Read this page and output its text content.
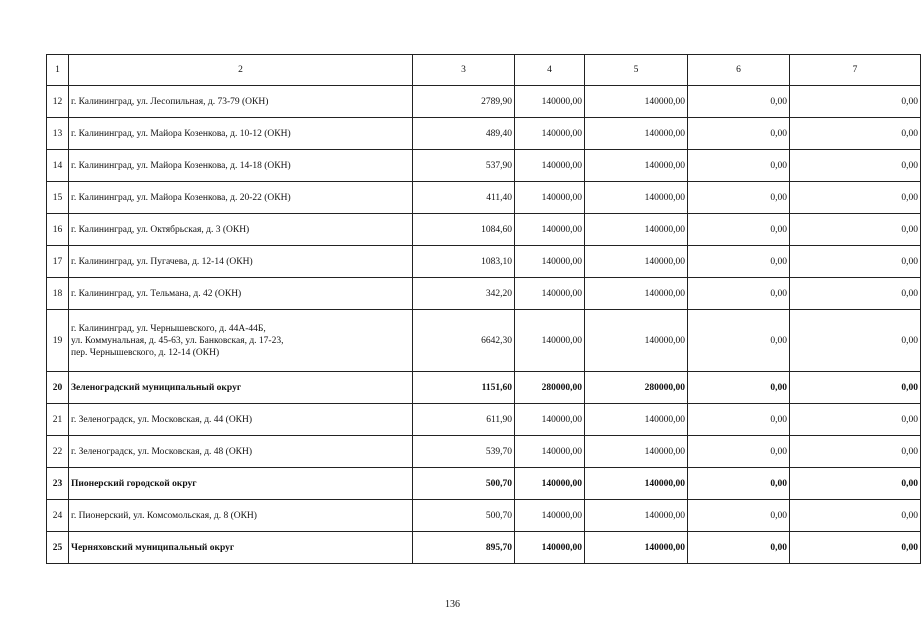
1	2	3	4	5	6	7
12	г. Калининград, ул. Лесопильная, д. 73-79 (ОКН)	2789,90	140000,00	140000,00	0,00	0,00
13	г. Калининград, ул. Майора Козенкова, д. 10-12 (ОКН)	489,40	140000,00	140000,00	0,00	0,00
14	г. Калининград, ул. Майора Козенкова, д. 14-18 (ОКН)	537,90	140000,00	140000,00	0,00	0,00
15	г. Калининград, ул. Майора Козенкова, д. 20-22 (ОКН)	411,40	140000,00	140000,00	0,00	0,00
16	г. Калининград, ул. Октябрьская, д. 3 (ОКН)	1084,60	140000,00	140000,00	0,00	0,00
17	г. Калининград, ул. Пугачева, д. 12-14 (ОКН)	1083,10	140000,00	140000,00	0,00	0,00
18	г. Калининград, ул. Тельмана, д. 42 (ОКН)	342,20	140000,00	140000,00	0,00	0,00
19	г. Калининград, ул. Чернышевского, д. 44А-44Б,
ул. Коммунальная, д. 45-63, ул. Банковская, д. 17-23,
пер. Чернышевского, д. 12-14 (ОКН)	6642,30	140000,00	140000,00	0,00	0,00
20	Зеленоградский муниципальный округ	1151,60	280000,00	280000,00	0,00	0,00
21	г. Зеленоградск, ул. Московская, д. 44 (ОКН)	611,90	140000,00	140000,00	0,00	0,00
22	г. Зеленоградск, ул. Московская, д. 48 (ОКН)	539,70	140000,00	140000,00	0,00	0,00
23	Пионерский городской округ	500,70	140000,00	140000,00	0,00	0,00
24	г. Пионерский, ул. Комсомольская, д. 8 (ОКН)	500,70	140000,00	140000,00	0,00	0,00
25	Черняховский муниципальный округ	895,70	140000,00	140000,00	0,00	0,00
136
